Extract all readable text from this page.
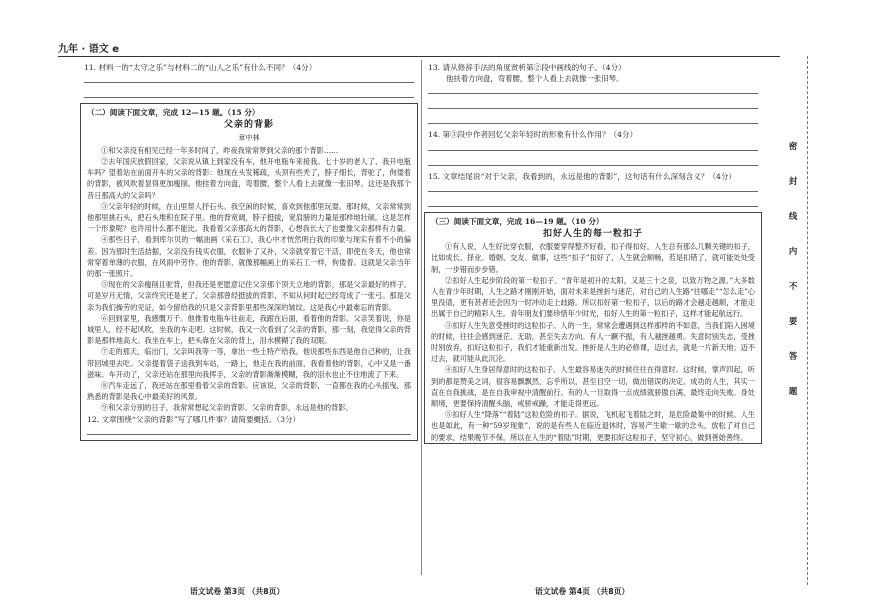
九年 · 语文 e

11. 材料一的“太守之乐”与材料二的“山人之乐”有什么不同？（4分）

（二）阅读下面文章，完成 12—15 题。（15 分）

父亲的背影

章中林

①和父亲没有相见已经一年多时间了，昨夜我常常梦到父亲的那个背影……

②去年国庆放假回家，父亲说从镇上到家没有车，他开电瓶车来接我。七十岁的老人了，我开电瓶车吗？望着站在前面开车的父亲的背影：他现在头发稀疏，头顶有些秃了，脖子细长，背驼了，佝偻着的背影，被风吹着显得更加瘦削。他挂着方向盘，弯着腰，整个人看上去就像一张旧琴。这还是我那个昔日那高大的父亲吗？

③父亲年轻的时候，在山里帮人抒石头。我空闲的时候，喜欢到他那里玩耍。那时候，父亲常常到他那里挑石头，把石头堆积在院子里。他的背宽阔，脖子挺拔，宽肩膀的力量是那样地壮硕。这是怎样一个形象呢？也许用什么都不能比。我看着父亲那高大的背影，心想我长大了也要像父亲那样有力量。

④那些日子，看到库尔贝的一幅油画《采石工》，我心中才恍然明白我的印象与现实有着不小的偏差。因为那时生活拮据，父亲没有钱买衣服，衣服补了又补，父亲就穿着它干活，即使在冬天，他也常常穿着单薄的衣服，在风雨中劳作。他的背影，就像那幅画上的采石工一样，佝偻着。这就是父亲当年的那一张照片。

⑤现在的父亲瘦削且驼背，但我还是更愿意记住父亲那个顶天立地的背影，那是父亲最好的样子。可是岁月无情，父亲终究还是老了，父亲那曾经挺拔的背影，不知从何时起已经弯成了一张弓。那是父亲为我们操劳的见证，如今留给我的只是父亲背影里那些深深的皱纹。这是我心中最难忘的背影。

⑥回到家里，我感慨万千。他推着电瓶车往前走，我跟在后面，看着他的背影。父亲笑着说，你是城里人，经不起风吹，坐我的车走吧。这时候，我又一次看到了父亲的背影，那一刻，我觉得父亲的背影是那样地高大。我坐在车上，把头靠在父亲的背上，泪水模糊了我的双眼。

⑦走的那天，临出门，父亲叫我等一等，拿出一些土特产给我。他说那些东西是他自己种的，让我带回城里去吃。父亲提着袋子送我到车站，一路上，他走在我的前面，我看着他的背影，心中又是一番滋味。车开动了，父亲还站在那里向我挥手，父亲的背影渐渐模糊，我的泪水也止不住地流了下来。

⑧汽车走远了，我还站在那里看着父亲的背影。应该说，父亲的背影，一直都在我的心头摇曳，那熟悉的背影是我心中最美好的风景。

⑨和父亲分别的日子，我常常想起父亲的背影。父亲的背影，永远是他的背影。

12. 文章围绕“父亲的背影”写了哪几件事？请简要概括。（3分）

13. 请从修辞手法的角度赏析第②段中画线的句子。（4分）

他扶着方向盘，弯着腰，整个人看上去就像一张旧琴。

14. 第③段中作者回忆父亲年轻时的形象有什么作用？（4分）

15. 文章结尾说“对于父亲，我看到的，永远是他的背影”，这句话有什么深刻含义？（4分）

（三）阅读下面文章，完成 16—19 题。（10 分）

扣好人生的每一粒扣子

①有人说，人生好比穿衣服，衣服要穿得整齐好看，扣子得扣好。人生总有那么几颗关键的扣子，比如成长、择业、婚姻、交友、做事，这些“扣子”扣好了，人生就会顺畅，若是扣错了，就可能处处受制，一步错而步步错。

②扣好人生起步阶段的第一粒扣子。“青年是初升的太阳，又是三十之泉，以致万物之源。”大多数人在青少年时期，人生之路才刚刚开始，面对未来是挫折与迷茫，对自己的人生路“往哪走”“怎么走”心里没谱，更有甚者还会因为一时冲动走上歧路。所以扣好第一粒扣子，以后的路才会越走越顺，才能走出属于自己的精彩人生。青年朋友们要珍惜年少时光，扣好人生的第一粒扣子，这样才能起航远行。

③扣好人生失意受挫时的这粒扣子。人的一生，常常会遭遇到这样那样的不如意，当我们陷入困境的时候，往往会感到迷茫、无助，甚至失去方向。有人一蹶不振，有人越挫越勇。失意时别失志，受挫时别放弃，扣好这粒扣子，我们才能重新出发。挫折是人生的必修课，迈过去，就是一片新天地；迈不过去，就可能从此沉沦。

④扣好人生身居得意时的这粒扣子。人生最容易迷失的时候往往在得意时。这时候，掌声四起，听到的都是赞美之词，很容易飘飘然，忘乎所以，甚至目空一切，做出错误的决定。成功的人生，其实一直在自我挑战，是在自我审视中清醒前行。有的人一旦取得一点成绩就骄傲自满，最终走向失败。身处顺境，更要保持清醒头脑，戒骄戒躁，才能走得更远。

⑤扣好人生“降落”“着陆”这粒危险的扣子。据说，飞机起飞着陆之时，是危险最集中的时候。人生也是如此，有一种“59岁现象”，说的是有些人在临近退休时，容易产生歇一歇的念头，放松了对自己的要求，结果晚节不保。所以在人生的“着陆”时期，更要扣好这粒扣子，坚守初心，做到善始善终。

语文试卷 第3页 （共8页）	语文试卷 第4页 （共8页）
密
封
线
内
不
要
答
题
